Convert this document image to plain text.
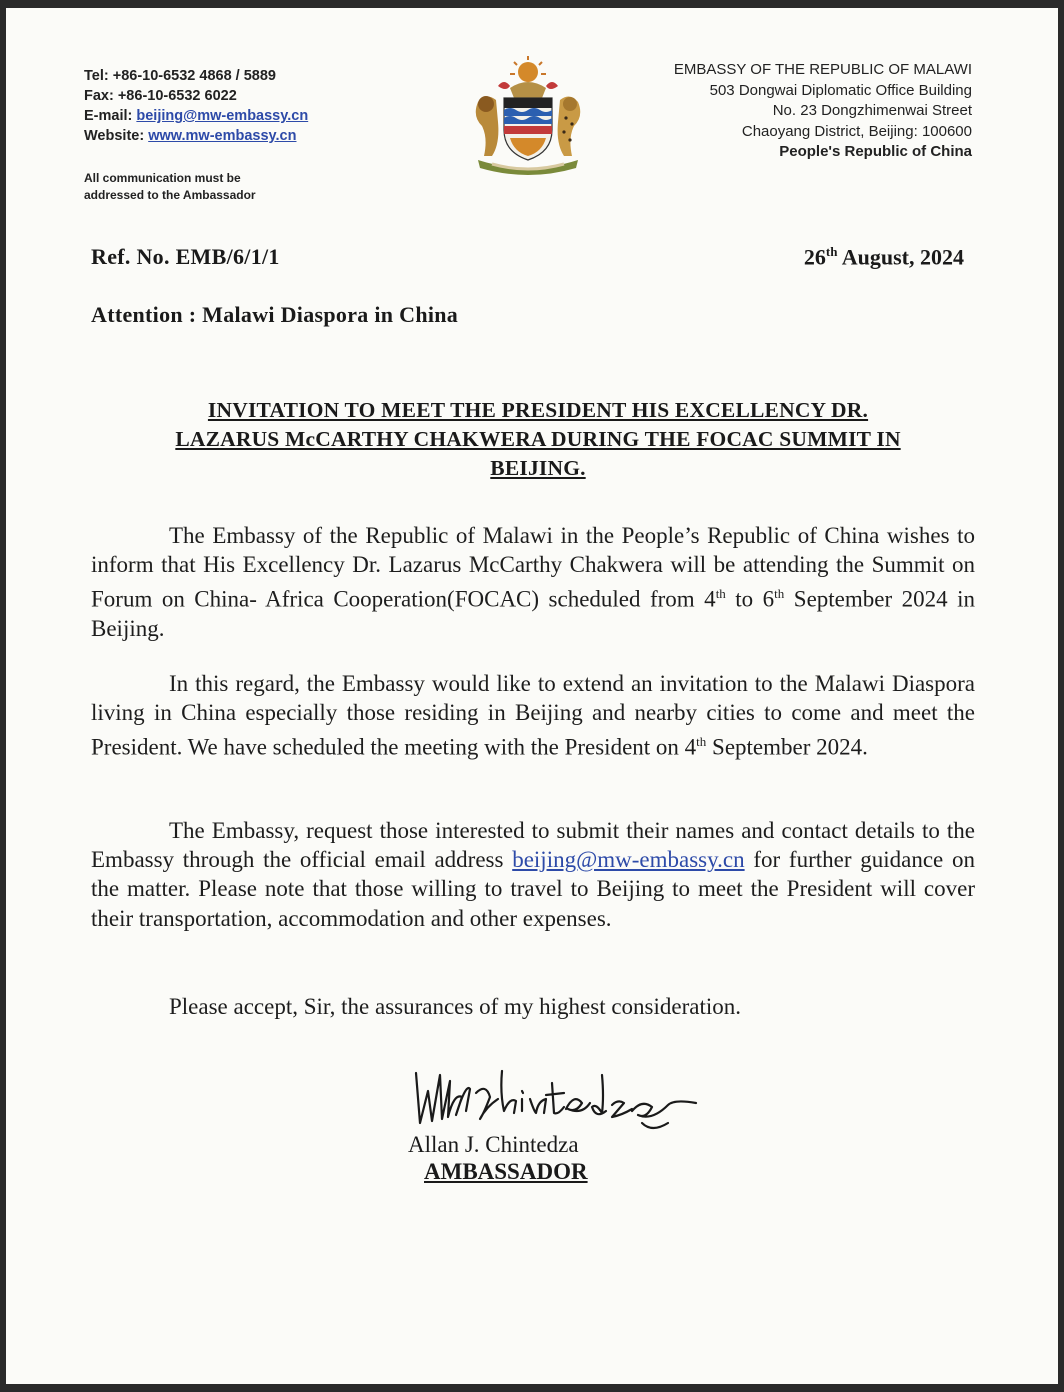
Tel: +86-10-6532 4868 / 5889
Fax: +86-10-6532 6022
E-mail: beijing@mw-embassy.cn
Website: www.mw-embassy.cn
All communication must be
addressed to the Ambassador
EMBASSY OF THE REPUBLIC OF MALAWI
503 Dongwai Diplomatic Office Building
No. 23 Dongzhimenwai Street
Chaoyang District, Beijing: 100600
People's Republic of China
Ref. No. EMB/6/1/1	26th August, 2024
Attention : Malawi Diaspora in China
INVITATION TO MEET THE PRESIDENT HIS EXCELLENCY DR.
LAZARUS McCARTHY CHAKWERA DURING THE FOCAC SUMMIT IN
BEIJING.

The Embassy of the Republic of Malawi in the People’s Republic of China wishes to inform that His Excellency Dr. Lazarus McCarthy Chakwera will be attending the Summit on Forum on China- Africa Cooperation(FOCAC) scheduled from 4th to 6th September 2024 in Beijing.

In this regard, the Embassy would like to extend an invitation to the Malawi Diaspora living in China especially those residing in Beijing and nearby cities to come and meet the President. We have scheduled the meeting with the President on 4th September 2024.

The Embassy, request those interested to submit their names and contact details to the Embassy through the official email address beijing@mw-embassy.cn for further guidance on the matter. Please note that those willing to travel to Beijing to meet the President will cover their transportation, accommodation and other expenses.

Please accept, Sir, the assurances of my highest consideration.

Allan J. Chintedza
AMBASSADOR
